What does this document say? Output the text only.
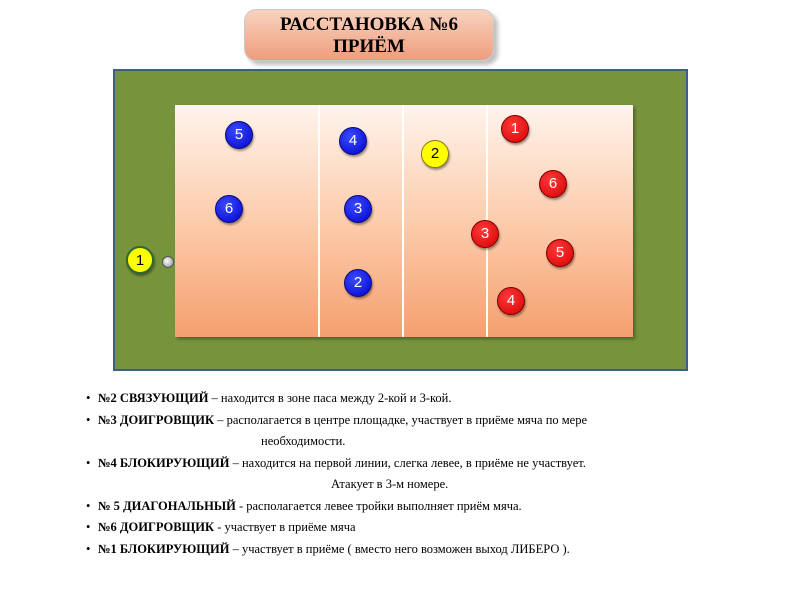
РАССТАНОВКА №6
ПРИЁМ
5	4
6	3
2
2
1
6
3
5
4
1
• №2 СВЯЗУЮЩИЙ – находится в зоне паса между 2-кой и 3-кой.
• №3 ДОИГРОВЩИК – располагается в центре площадке, участвует в приёме мяча по мере
необходимости.
• №4 БЛОКИРУЮЩИЙ – находится на первой линии, слегка левее, в приёме не участвует.
Атакует в 3-м номере.
• № 5 ДИАГОНАЛЬНЫЙ - располагается левее тройки выполняет приём мяча.
• №6 ДОИГРОВЩИК - участвует в приёме мяча
• №1 БЛОКИРУЮЩИЙ – участвует в приёме ( вместо него возможен выход ЛИБЕРО ).
